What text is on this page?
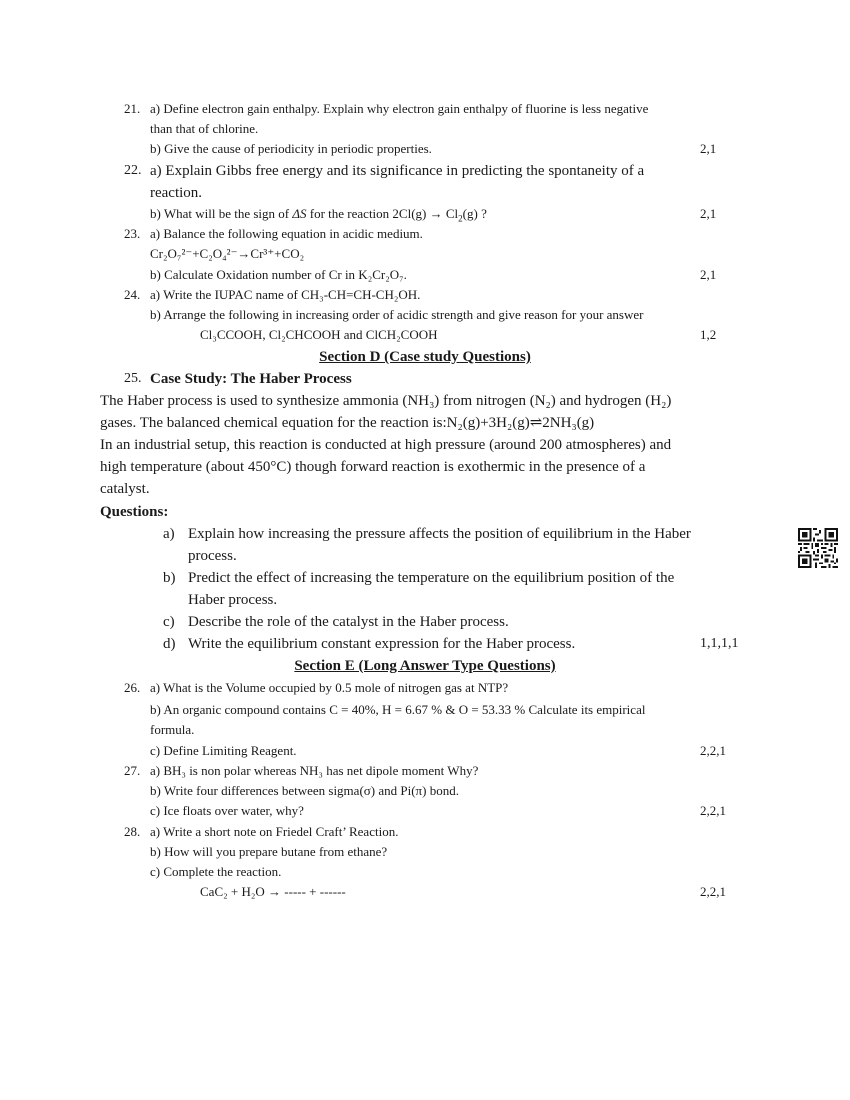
21. a) Define electron gain enthalpy. Explain why electron gain enthalpy of fluorine is less negative
than that of chlorine.
b) Give the cause of periodicity in periodic properties.	2,1
22. a) Explain Gibbs free energy and its significance in predicting the spontaneity of a
reaction.
b) What will be the sign of ΔS for the reaction $2Cl(g) \to Cl_2(g)$ ?	2,1
23. a) Balance the following equation in acidic medium.
Cr₂O₇²⁻+C₂O₄²⁻→Cr³⁺+CO₂
b) Calculate Oxidation number of Cr in K₂Cr₂O₇.	2,1
24. a) Write the IUPAC name of CH₃-CH=CH-CH₂OH.
b) Arrange the following in increasing order of acidic strength and give reason for your answer
Cl₃CCOOH, Cl₂CHCOOH and ClCH₂COOH	1,2
Section D (Case study Questions)
25. Case Study: The Haber Process
The Haber process is used to synthesize ammonia (NH₃) from nitrogen (N₂) and hydrogen (H₂)
gases. The balanced chemical equation for the reaction is:N₂(g)+3H₂(g)⇌2NH₃(g)
In an industrial setup, this reaction is conducted at high pressure (around 200 atmospheres) and
high temperature (about 450°C) though forward reaction is exothermic in the presence of a
catalyst.
Questions:
a) Explain how increasing the pressure affects the position of equilibrium in the Haber
process.
b) Predict the effect of increasing the temperature on the equilibrium position of the
Haber process.
c) Describe the role of the catalyst in the Haber process.
d) Write the equilibrium constant expression for the Haber process.	1,1,1,1
Section E (Long Answer Type Questions)
26. a) What is the Volume occupied by 0.5 mole of nitrogen gas at NTP?
b) An organic compound contains C = 40%, H = 6.67 % & O = 53.33 % Calculate its empirical
formula.
c) Define Limiting Reagent.	2,2,1
27. a) BH₃ is non polar whereas NH₃ has net dipole moment Why?
b) Write four differences between sigma(σ) and Pi(π) bond.
c) Ice floats over water, why?	2,2,1
28. a) Write a short note on Friedel Craft’ Reaction.
b) How will you prepare butane from ethane?
c) Complete the reaction.
CaC₂ + H₂O → ----- + ------	2,2,1
